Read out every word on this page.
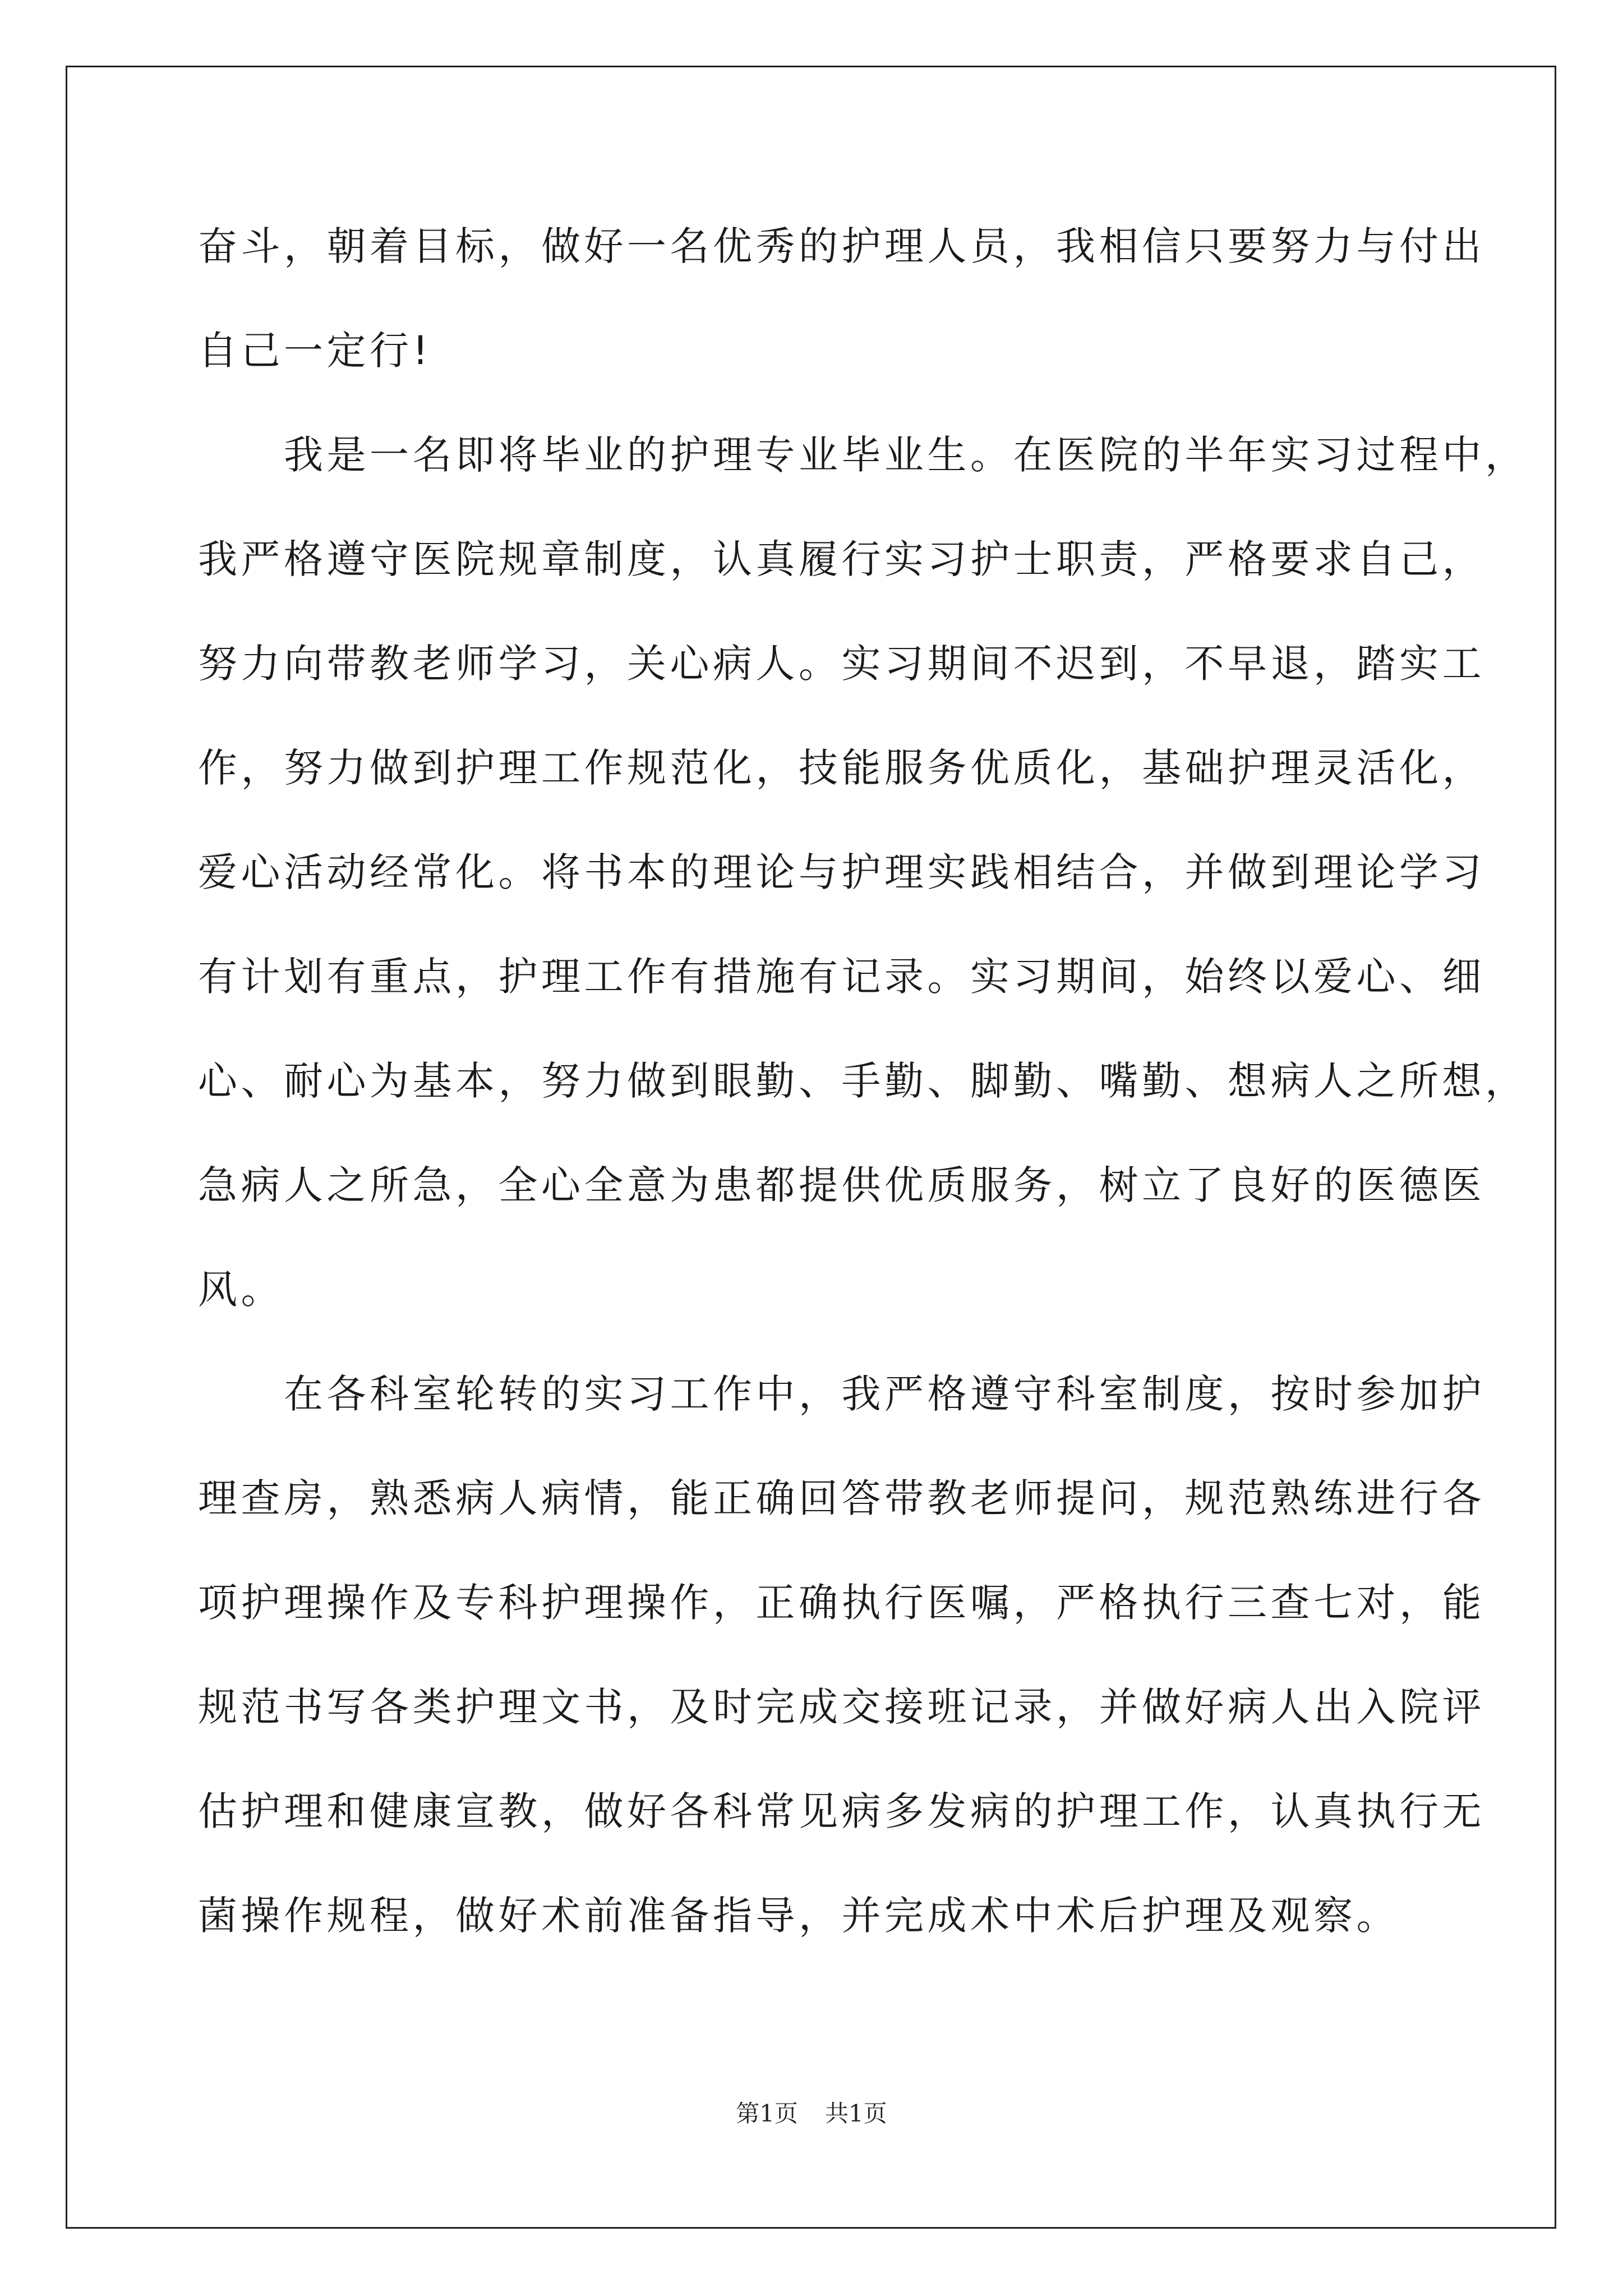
奋斗，朝着目标，做好一名优秀的护理人员，我相信只要努力与付出
自己一定行!
　　我是一名即将毕业的护理专业毕业生。在医院的半年实习过程中，
我严格遵守医院规章制度，认真履行实习护士职责，严格要求自己，
努力向带教老师学习，关心病人。实习期间不迟到，不早退，踏实工
作，努力做到护理工作规范化，技能服务优质化，基础护理灵活化，
爱心活动经常化。将书本的理论与护理实践相结合，并做到理论学习
有计划有重点，护理工作有措施有记录。实习期间，始终以爱心、细
心、耐心为基本，努力做到眼勤、手勤、脚勤、嘴勤、想病人之所想，
急病人之所急，全心全意为患都提供优质服务，树立了良好的医德医
风。
　　在各科室轮转的实习工作中，我严格遵守科室制度，按时参加护
理查房，熟悉病人病情，能正确回答带教老师提问，规范熟练进行各
项护理操作及专科护理操作，正确执行医嘱，严格执行三查七对，能
规范书写各类护理文书，及时完成交接班记录，并做好病人出入院评
估护理和健康宣教，做好各科常见病多发病的护理工作，认真执行无
菌操作规程，做好术前准备指导，并完成术中术后护理及观察。
第1页 共1页
